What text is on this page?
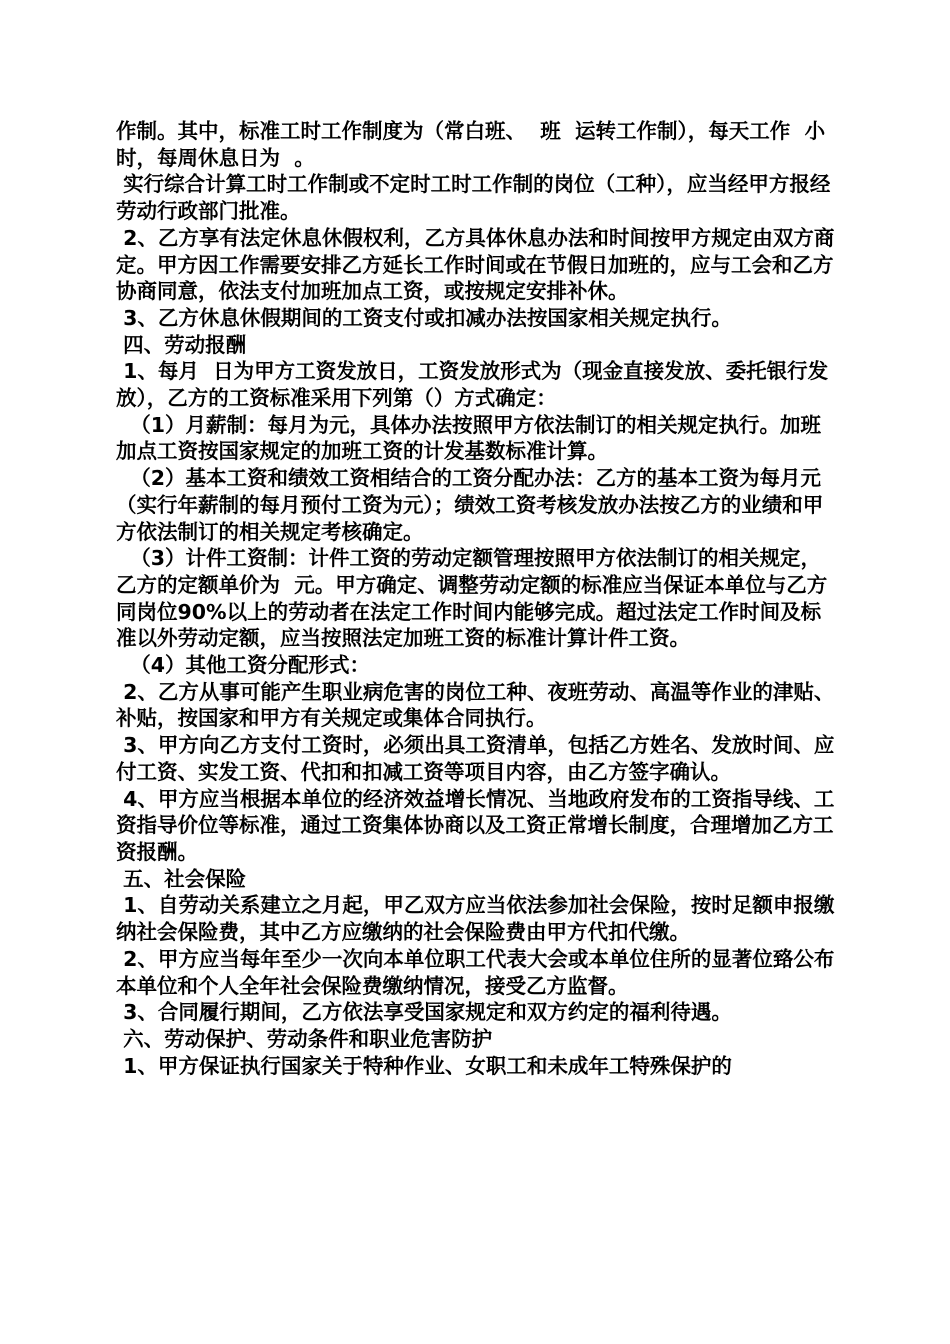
作制。其中，标准工时工作制度为（常白班、  班  运转工作制），每天工作  小时，每周休息日为  。

实行综合计算工时工作制或不定时工时工作制的岗位（工种），应当经甲方报经劳动行政部门批准。

2、乙方享有法定休息休假权利，乙方具体休息办法和时间按甲方规定由双方商定。甲方因工作需要安排乙方延长工作时间或在节假日加班的，应与工会和乙方协商同意，依法支付加班加点工资，或按规定安排补休。

3、乙方休息休假期间的工资支付或扣减办法按国家相关规定执行。

四、劳动报酬

1、每月  日为甲方工资发放日，工资发放形式为（现金直接发放、委托银行发放），乙方的工资标准采用下列第（）方式确定：

（1）月薪制：每月为元，具体办法按照甲方依法制订的相关规定执行。加班加点工资按国家规定的加班工资的计发基数标准计算。

（2）基本工资和绩效工资相结合的工资分配办法：乙方的基本工资为每月元（实行年薪制的每月预付工资为元）；绩效工资考核发放办法按乙方的业绩和甲方依法制订的相关规定考核确定。

（3）计件工资制：计件工资的劳动定额管理按照甲方依法制订的相关规定，乙方的定额单价为  元。甲方确定、调整劳动定额的标准应当保证本单位与乙方同岗位90%以上的劳动者在法定工作时间内能够完成。超过法定工作时间及标准以外劳动定额，应当按照法定加班工资的标准计算计件工资。

（4）其他工资分配形式：

2、乙方从事可能产生职业病危害的岗位工种、夜班劳动、高温等作业的津贴、补贴，按国家和甲方有关规定或集体合同执行。

3、甲方向乙方支付工资时，必须出具工资清单，包括乙方姓名、发放时间、应付工资、实发工资、代扣和扣减工资等项目内容，由乙方签字确认。

4、甲方应当根据本单位的经济效益增长情况、当地政府发布的工资指导线、工资指导价位等标准，通过工资集体协商以及工资正常增长制度，合理增加乙方工资报酬。

五、社会保险

1、自劳动关系建立之月起，甲乙双方应当依法参加社会保险，按时足额申报缴纳社会保险费，其中乙方应缴纳的社会保险费由甲方代扣代缴。

2、甲方应当每年至少一次向本单位职工代表大会或本单位住所的显著位臵公布本单位和个人全年社会保险费缴纳情况，接受乙方监督。

3、合同履行期间，乙方依法享受国家规定和双方约定的福利待遇。

六、劳动保护、劳动条件和职业危害防护

1、甲方保证执行国家关于特种作业、女职工和未成年工特殊保护的
